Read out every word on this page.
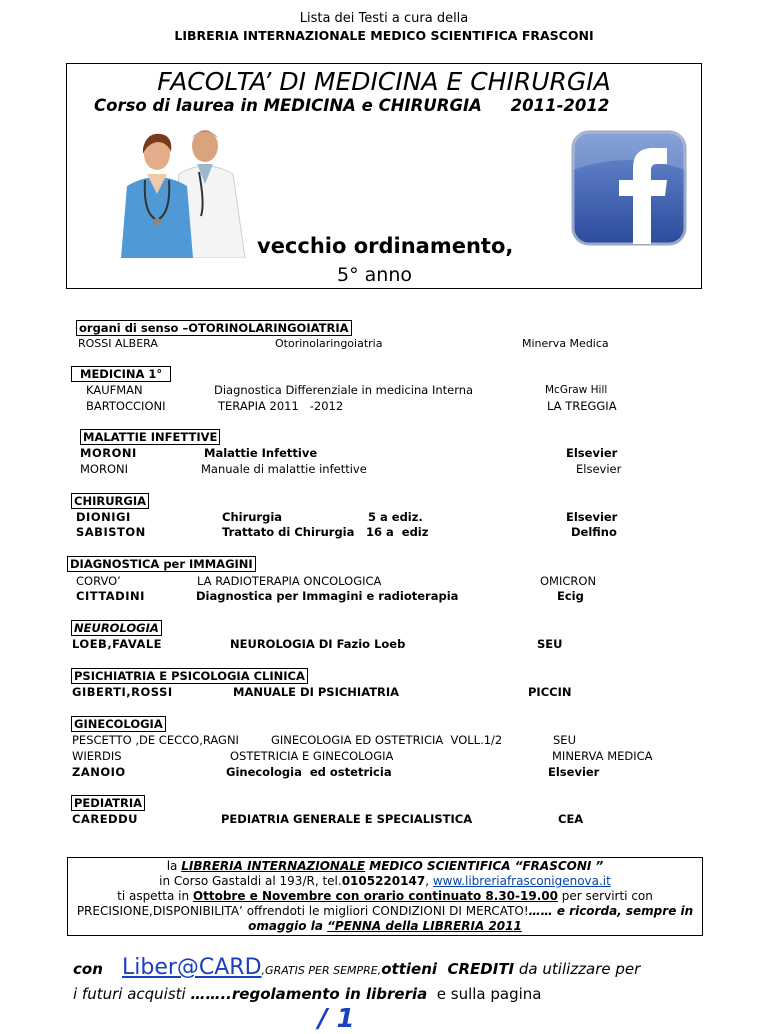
Lista dei Testi a cura della
LIBRERIA INTERNAZIONALE MEDICO SCIENTIFICA FRASCONI
FACOLTA’ DI MEDICINA E CHIRURGIA
Corso di laurea in MEDICINA e CHIRURGIA     2011-2012
vecchio ordinamento,
5° anno
organi di senso –OTORINOLARINGOIATRIA
ROSSI ALBERA	Otorinolaringoiatria	Minerva Medica
MEDICINA 1°
KAUFMAN	Diagnostica Differenziale in medicina Interna	McGraw Hill
BARTOCCIONI	TERAPIA 2011   -2012	LA TREGGIA
MALATTIE INFETTIVE
MORONI	Malattie Infettive	Elsevier
MORONI	Manuale di malattie infettive	Elsevier
CHIRURGIA
DIONIGI	Chirurgia	5 a ediz.	Elsevier
SABISTON	Trattato di Chirurgia 16 a  ediz	Delfino
DIAGNOSTICA per IMMAGINI
CORVO’	LA RADIOTERAPIA ONCOLOGICA	OMICRON
CITTADINI	Diagnostica per Immagini e radioterapia	Ecig
NEUROLOGIA
LOEB,FAVALE	NEUROLOGIA DI Fazio Loeb	SEU
PSICHIATRIA E PSICOLOGIA CLINICA
GIBERTI,ROSSI	MANUALE DI PSICHIATRIA	PICCIN
GINECOLOGIA
PESCETTO ,DE CECCO,RAGNI	GINECOLOGIA ED OSTETRICIA  VOLL.1/2	SEU
WIERDIS	OSTETRICIA E GINECOLOGIA	MINERVA MEDICA
ZANOIO	Ginecologia  ed ostetricia	Elsevier
PEDIATRIA
CAREDDU	PEDIATRIA GENERALE E SPECIALISTICA	CEA
la LIBRERIA INTERNAZIONALE MEDICO SCIENTIFICA “FRASCONI ”
in Corso Gastaldi al 193/R, tel.0105220147, www.libreriafrasconigenova.it
ti aspetta in Ottobre e Novembre con orario continuato 8.30-19.00 per servirti con
PRECISIONE,DISPONIBILITA’ offrendoti le migliori CONDIZIONI DI MERCATO!…… e ricorda, sempre in
omaggio la “PENNA della LIBRERIA 2011
con Liber@CARD,GRATIS PER SEMPRE,ottieni  CREDITI da utilizzare per
i futuri acquisti ……..regolamento in libreria  e sulla pagina
/ 1
